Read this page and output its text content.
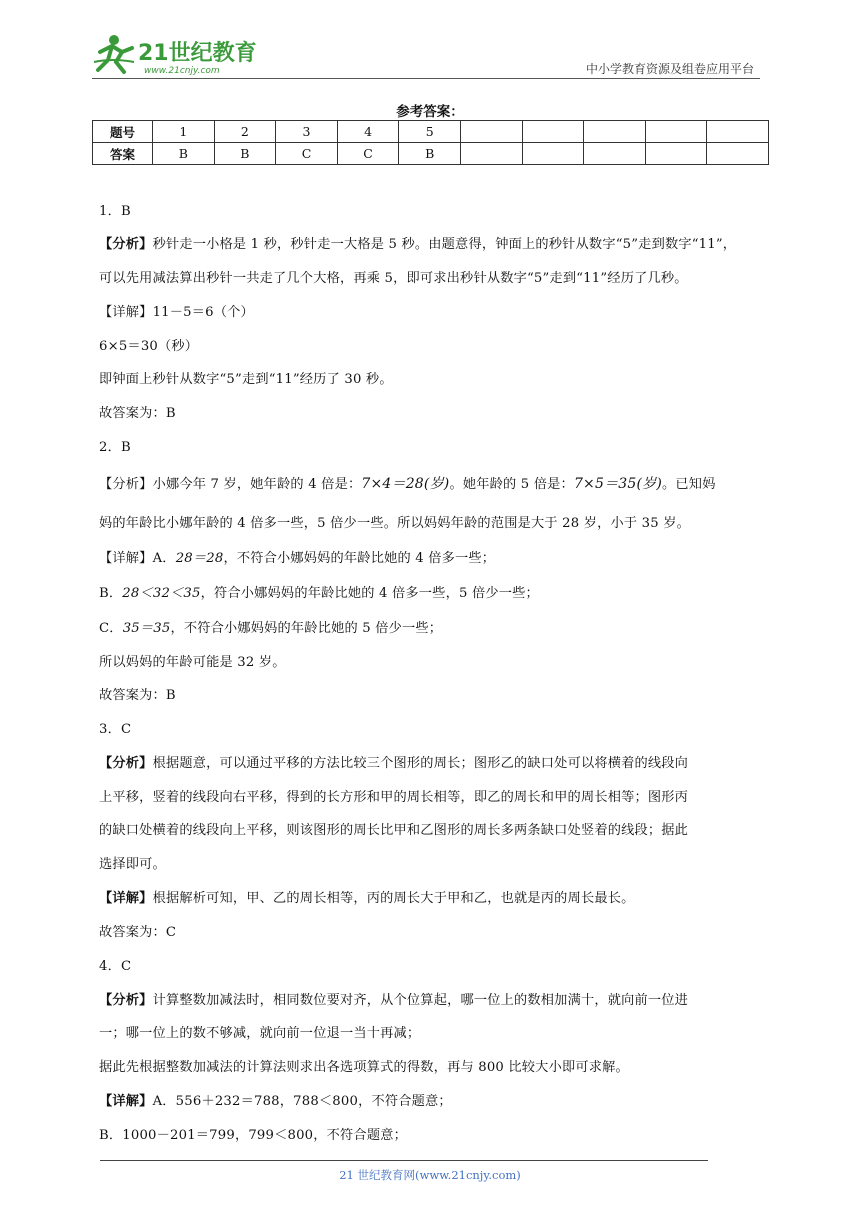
21世纪教育
www.21cnjy.com	中小学教育资源及组卷应用平台
参考答案：
题号	1	2	3	4	5					
答案	B	B	C	C	B					
1．B
【分析】秒针走一小格是 1 秒，秒针走一大格是 5 秒。由题意得，钟面上的秒针从数字“5”走到数字“11”，
可以先用减法算出秒针一共走了几个大格，再乘 5，即可求出秒针从数字“5”走到“11”经历了几秒。
【详解】11－5＝6（个）
6×5＝30（秒）
即钟面上秒针从数字“5”走到“11”经历了 30 秒。
故答案为：B
2．B
【分析】小娜今年 7 岁，她年龄的 4 倍是：7×4＝28(岁)。她年龄的 5 倍是：7×5＝35(岁)。已知妈
妈的年龄比小娜年龄的 4 倍多一些，5 倍少一些。所以妈妈年龄的范围是大于 28 岁，小于 35 岁。
【详解】A．28＝28，不符合小娜妈妈的年龄比她的 4 倍多一些；
B．28＜32＜35，符合小娜妈妈的年龄比她的 4 倍多一些，5 倍少一些；
C．35＝35，不符合小娜妈妈的年龄比她的 5 倍少一些；
所以妈妈的年龄可能是 32 岁。
故答案为：B
3．C
【分析】根据题意，可以通过平移的方法比较三个图形的周长；图形乙的缺口处可以将横着的线段向
上平移，竖着的线段向右平移，得到的长方形和甲的周长相等，即乙的周长和甲的周长相等；图形丙
的缺口处横着的线段向上平移，则该图形的周长比甲和乙图形的周长多两条缺口处竖着的线段；据此
选择即可。
【详解】根据解析可知，甲、乙的周长相等，丙的周长大于甲和乙，也就是丙的周长最长。
故答案为：C
4．C
【分析】计算整数加减法时，相同数位要对齐，从个位算起，哪一位上的数相加满十，就向前一位进
一；哪一位上的数不够减，就向前一位退一当十再减；
据此先根据整数加减法的计算法则求出各选项算式的得数，再与 800 比较大小即可求解。
【详解】A．556＋232＝788，788＜800，不符合题意；
B．1000－201＝799，799＜800，不符合题意；
21 世纪教育网(www.21cnjy.com)
